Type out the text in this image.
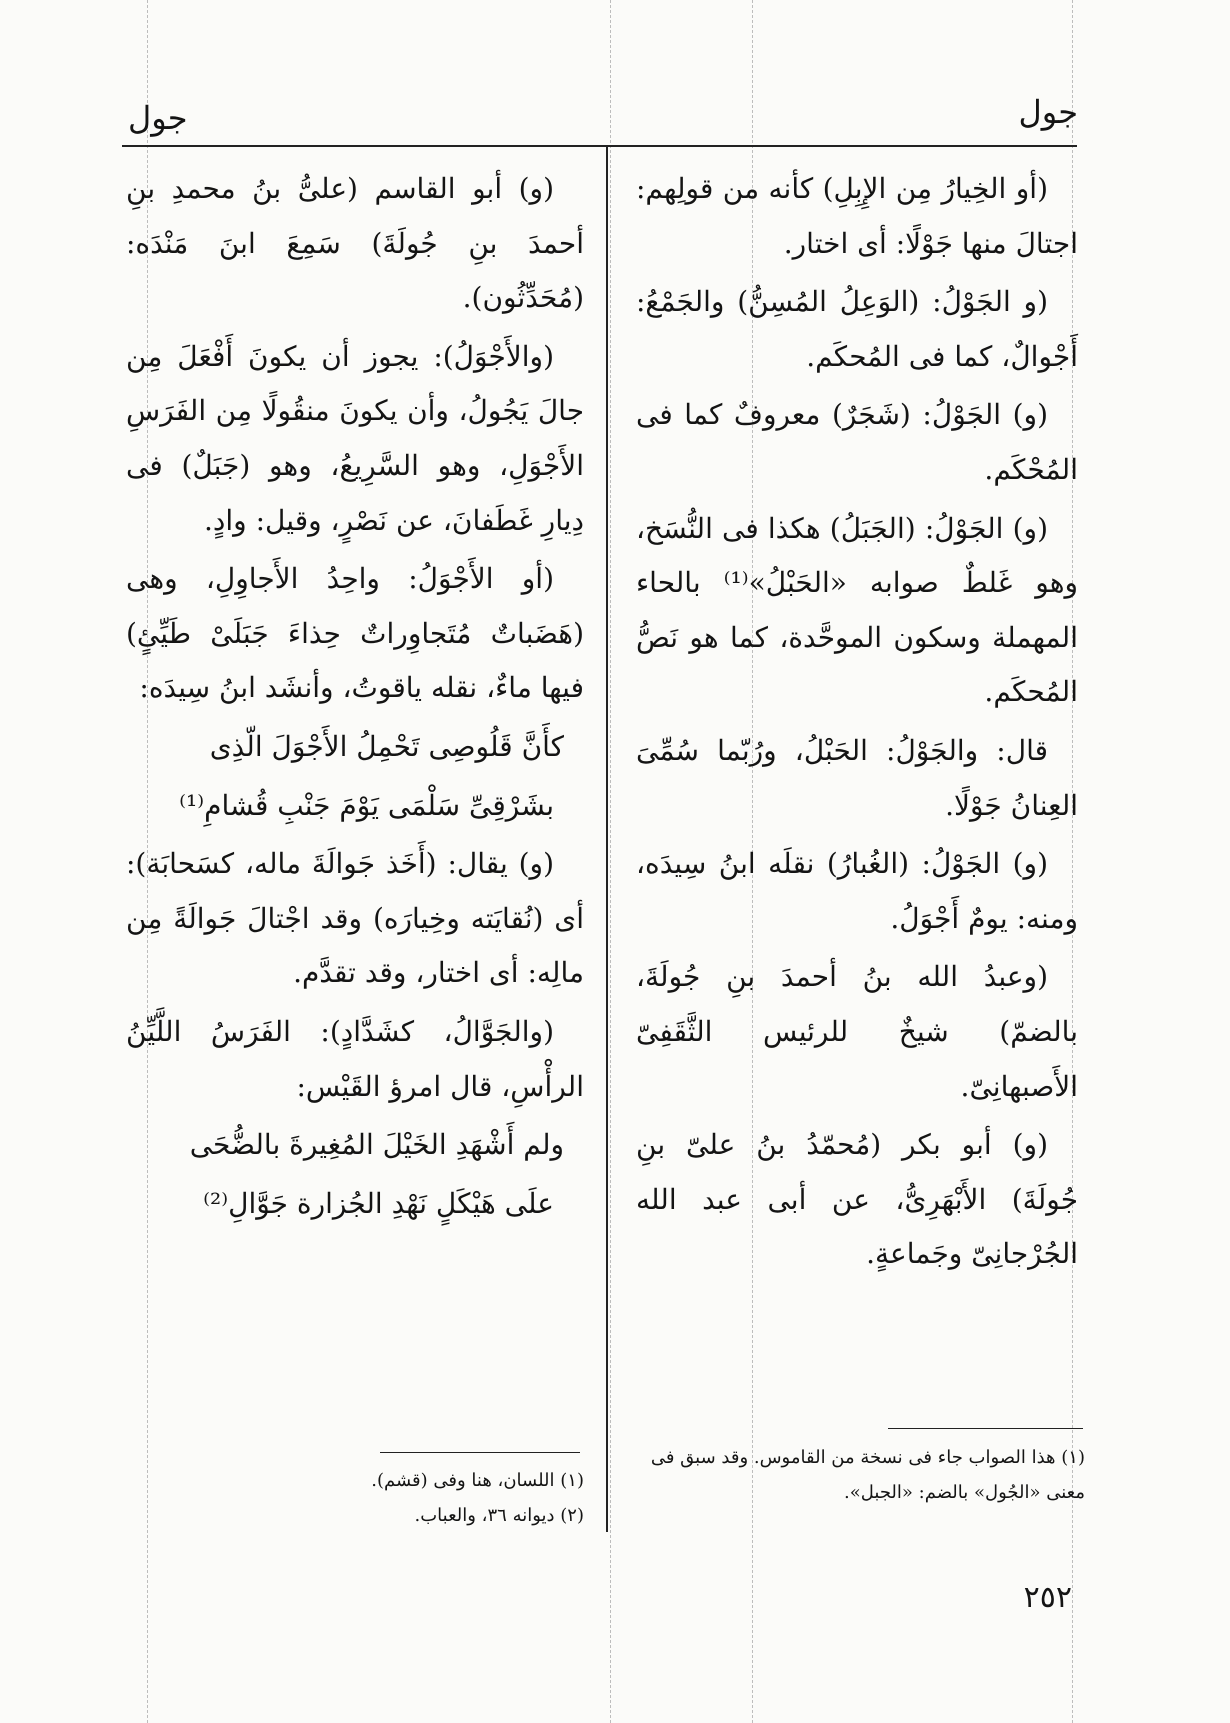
جول
جول

(أو الخِيارُ مِن الإِبِلِ) كأنه من قولِهم: اجتالَ منها جَوْلًا: أى اختار.

(و الجَوْلُ: (الوَعِلُ المُسِنُّ) والجَمْعُ: أَجْوالٌ، كما فى المُحكَم.

(و) الجَوْلُ: (شَجَرٌ) معروفٌ كما فى المُحْكَم.

(و) الجَوْلُ: (الجَبَلُ) هكذا فى النُّسَخ، وهو غَلطٌ صوابه «الحَبْلُ»⁽¹⁾ بالحاء المهملة وسكون الموحَّدة، كما هو نَصُّ المُحكَم.

قال: والجَوْلُ: الحَبْلُ، ورُبّما سُمِّىَ العِنانُ جَوْلًا.

(و) الجَوْلُ: (الغُبارُ) نقلَه ابنُ سِيدَه، ومنه: يومٌ أَجْوَلُ.

(وعبدُ الله بنُ أحمدَ بنِ جُولَةَ، بالضمّ) شيخٌ للرئيس الثَّقَفِىّ الأَصبهانِىّ.

(و) أبو بكر (مُحمّدُ بنُ علىّ بنِ جُولَةَ) الأَبْهَرِىُّ، عن أبى عبد الله الجُرْجانِىّ وجَماعةٍ.

(و) أبو القاسم (علىُّ بنُ محمدِ بنِ أحمدَ بنِ جُولَةَ) سَمِعَ ابنَ مَنْدَه: (مُحَدِّثُون).

(والأَجْوَلُ): يجوز أن يكونَ أَفْعَلَ مِن جالَ يَجُولُ، وأن يكونَ منقُولًا مِن الفَرَسِ الأَجْوَلِ، وهو السَّرِيعُ، وهو (جَبَلٌ) فى دِيارِ غَطَفانَ، عن نَصْرٍ، وقيل: وادٍ.

(أو الأَجْوَلُ: واحِدُ الأَجاوِلِ، وهى (هَضَباتٌ مُتَجاوِراتٌ حِذاءَ جَبَلَىْ طَيِّئٍ) فيها ماءٌ، نقله ياقوتُ، وأنشَد ابنُ سِيدَه:

كأَنَّ قَلُوصِى تَحْمِلُ الأَجْوَلَ الّذِى

بشَرْقِىِّ سَلْمَى يَوْمَ جَنْبِ قُشامِ⁽¹⁾

(و) يقال: (أَخَذ جَوالَةَ ماله، كسَحابَة): أى (نُقايَته وخِيارَه) وقد اجْتالَ جَوالَةً مِن مالِه: أى اختار، وقد تقدَّم.

(والجَوَّالُ، كشَدَّادٍ): الفَرَسُ اللَّيِّنُ الرأْسِ، قال امرؤ القَيْس:

ولم أَشْهَدِ الخَيْلَ المُغِيرةَ بالضُّحَى

علَى هَيْكَلٍ نَهْدِ الجُزارة جَوَّالِ⁽²⁾

(١) هذا الصواب جاء فى نسخة من القاموس. وقد سبق فى معنى «الجُول» بالضم: «الجبل».

(١) اللسان، هنا وفى (قشم).

(٢) ديوانه ٣٦، والعباب.

٢٥٢
